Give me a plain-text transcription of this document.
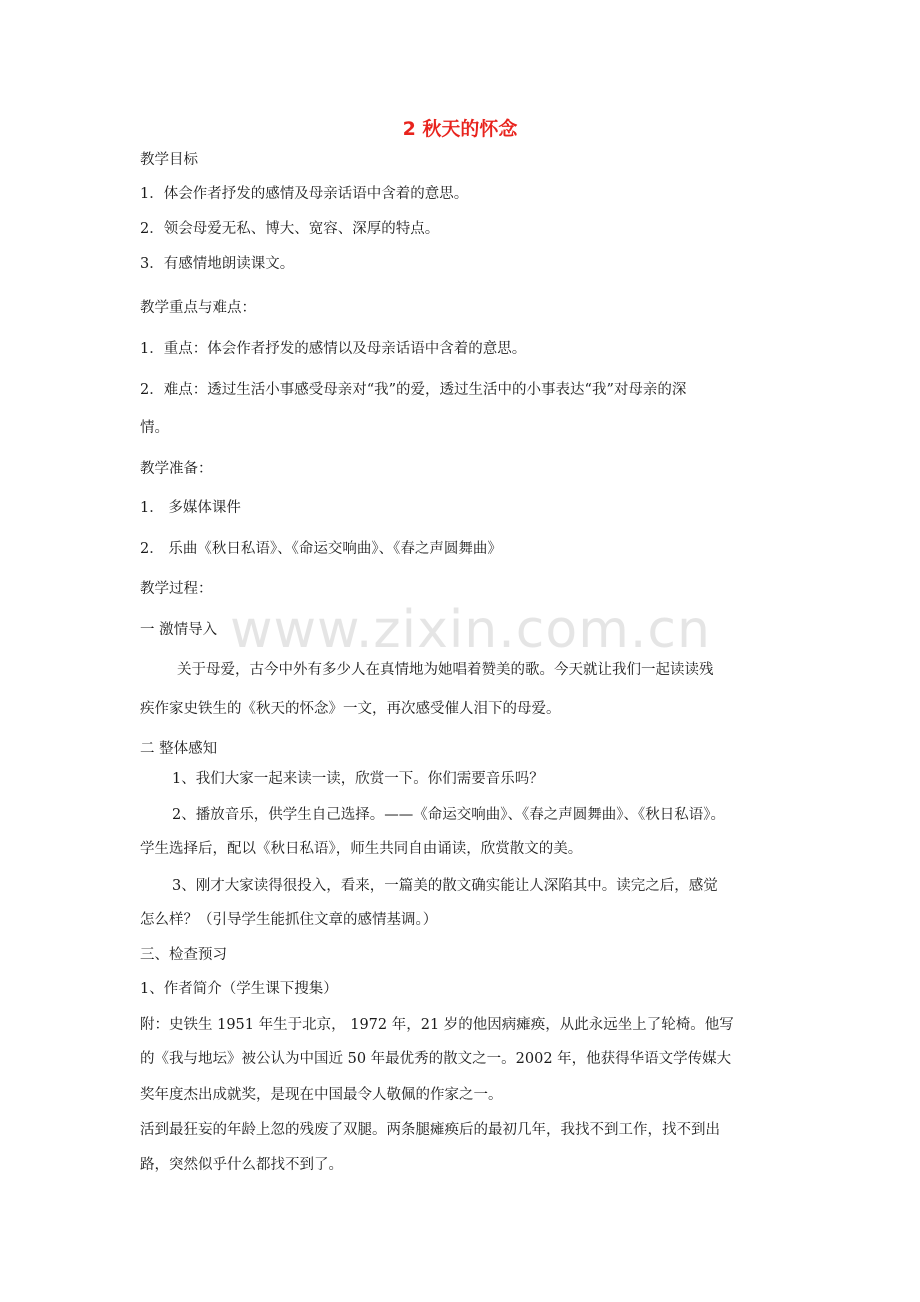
www.zixin.com.cn
2 秋天的怀念
教学目标
1．体会作者抒发的感情及母亲话语中含着的意思。
2．领会母爱无私、博大、宽容、深厚的特点。
3．有感情地朗读课文。
教学重点与难点：
1．重点：体会作者抒发的感情以及母亲话语中含着的意思。
2．难点：透过生活小事感受母亲对“我”的爱，透过生活中的小事表达“我”对母亲的深
情。
教学准备：
1． 多媒体课件
2． 乐曲《秋日私语》、《命运交响曲》、《春之声圆舞曲》
教学过程：
一 激情导入
关于母爱，古今中外有多少人在真情地为她唱着赞美的歌。今天就让我们一起读读残
疾作家史铁生的《秋天的怀念》一文，再次感受催人泪下的母爱。
二 整体感知
1、我们大家一起来读一读，欣赏一下。你们需要音乐吗？
2、播放音乐，供学生自己选择。——《命运交响曲》、《春之声圆舞曲》、《秋日私语》。
学生选择后，配以《秋日私语》，师生共同自由诵读，欣赏散文的美。
3、刚才大家读得很投入，看来，一篇美的散文确实能让人深陷其中。读完之后，感觉
怎么样？（引导学生能抓住文章的感情基调。）
三、检查预习
1、作者简介（学生课下搜集）
附：史铁生 1951 年生于北京， 1972 年，21 岁的他因病瘫痪，从此永远坐上了轮椅。他写
的《我与地坛》被公认为中国近 50 年最优秀的散文之一。2002 年，他获得华语文学传媒大
奖年度杰出成就奖，是现在中国最令人敬佩的作家之一。
活到最狂妄的年龄上忽的残废了双腿。两条腿瘫痪后的最初几年，我找不到工作，找不到出
路，突然似乎什么都找不到了。
